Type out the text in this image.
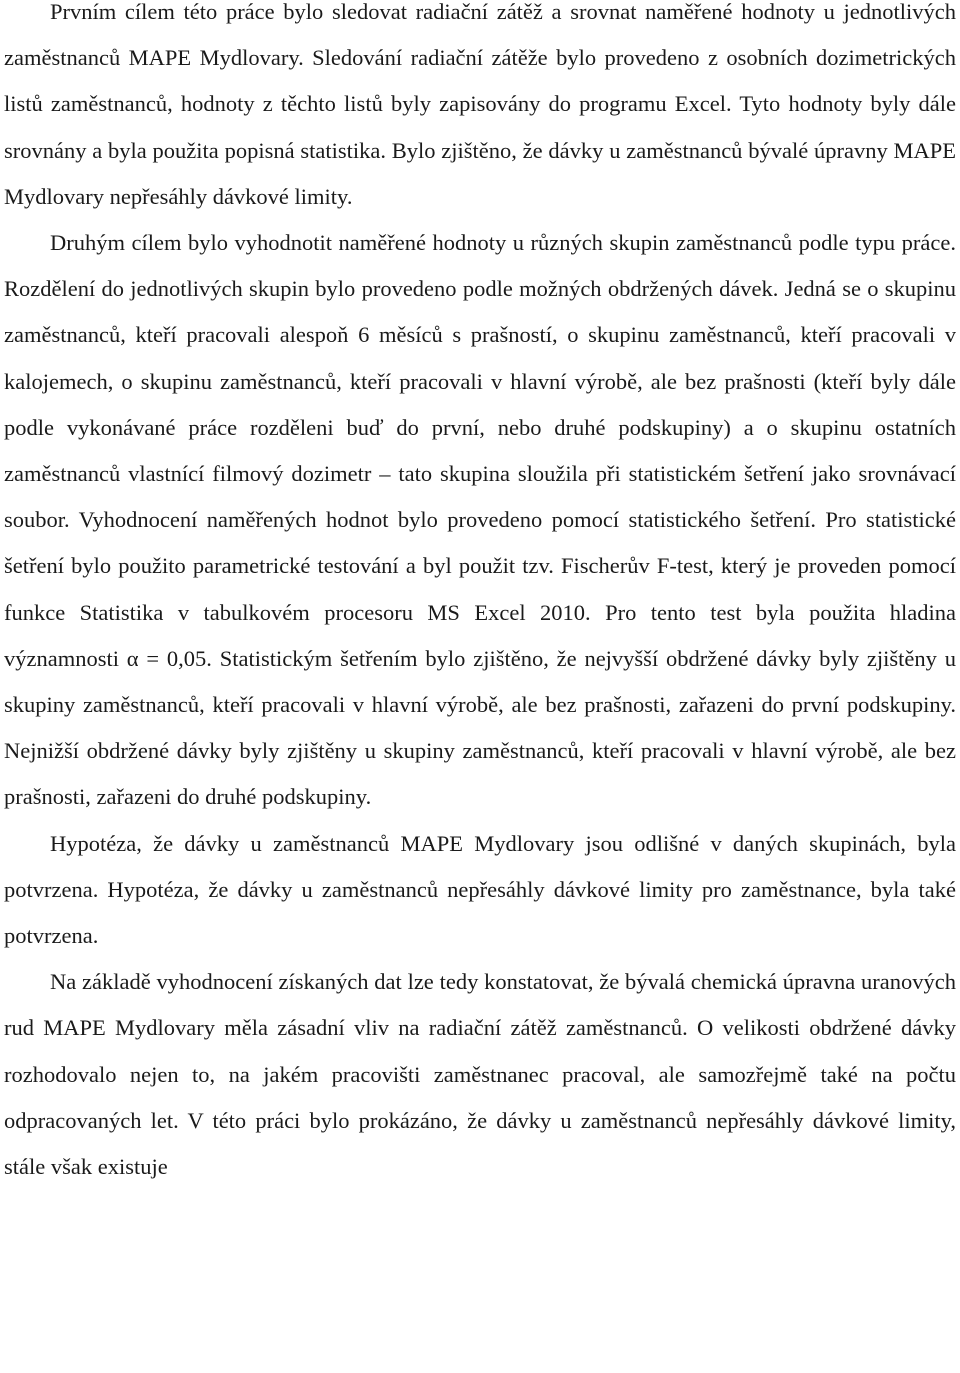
Prvním cílem této práce bylo sledovat radiační zátěž a srovnat naměřené hodnoty u jednotlivých zaměstnanců MAPE Mydlovary. Sledování radiační zátěže bylo provedeno z osobních dozimetrických listů zaměstnanců, hodnoty z těchto listů byly zapisovány do programu Excel. Tyto hodnoty byly dále srovnány a byla použita popisná statistika. Bylo zjištěno, že dávky u zaměstnanců bývalé úpravny MAPE Mydlovary nepřesáhly dávkové limity.

Druhým cílem bylo vyhodnotit naměřené hodnoty u různých skupin zaměstnanců podle typu práce. Rozdělení do jednotlivých skupin bylo provedeno podle možných obdržených dávek. Jedná se o skupinu zaměstnanců, kteří pracovali alespoň 6 měsíců s prašností, o skupinu zaměstnanců, kteří pracovali v kalojemech, o skupinu zaměstnanců, kteří pracovali v hlavní výrobě, ale bez prašnosti (kteří byly dále podle vykonávané práce rozděleni buď do první, nebo druhé podskupiny) a o skupinu ostatních zaměstnanců vlastnící filmový dozimetr – tato skupina sloužila při statistickém šetření jako srovnávací soubor. Vyhodnocení naměřených hodnot bylo provedeno pomocí statistického šetření. Pro statistické šetření bylo použito parametrické testování a byl použit tzv. Fischerův F-test, který je proveden pomocí funkce Statistika v tabulkovém procesoru MS Excel 2010. Pro tento test byla použita hladina významnosti α = 0,05. Statistickým šetřením bylo zjištěno, že nejvyšší obdržené dávky byly zjištěny u skupiny zaměstnanců, kteří pracovali v hlavní výrobě, ale bez prašnosti, zařazeni do první podskupiny. Nejnižší obdržené dávky byly zjištěny u skupiny zaměstnanců, kteří pracovali v hlavní výrobě, ale bez prašnosti, zařazeni do druhé podskupiny.

Hypotéza, že dávky u zaměstnanců MAPE Mydlovary jsou odlišné v daných skupinách, byla potvrzena. Hypotéza, že dávky u zaměstnanců nepřesáhly dávkové limity pro zaměstnance, byla také potvrzena.

Na základě vyhodnocení získaných dat lze tedy konstatovat, že bývalá chemická úpravna uranových rud MAPE Mydlovary měla zásadní vliv na radiační zátěž zaměstnanců. O velikosti obdržené dávky rozhodovalo nejen to, na jakém pracovišti zaměstnanec pracoval, ale samozřejmě také na počtu odpracovaných let. V této práci bylo prokázáno, že dávky u zaměstnanců nepřesáhly dávkové limity, stále však existuje
